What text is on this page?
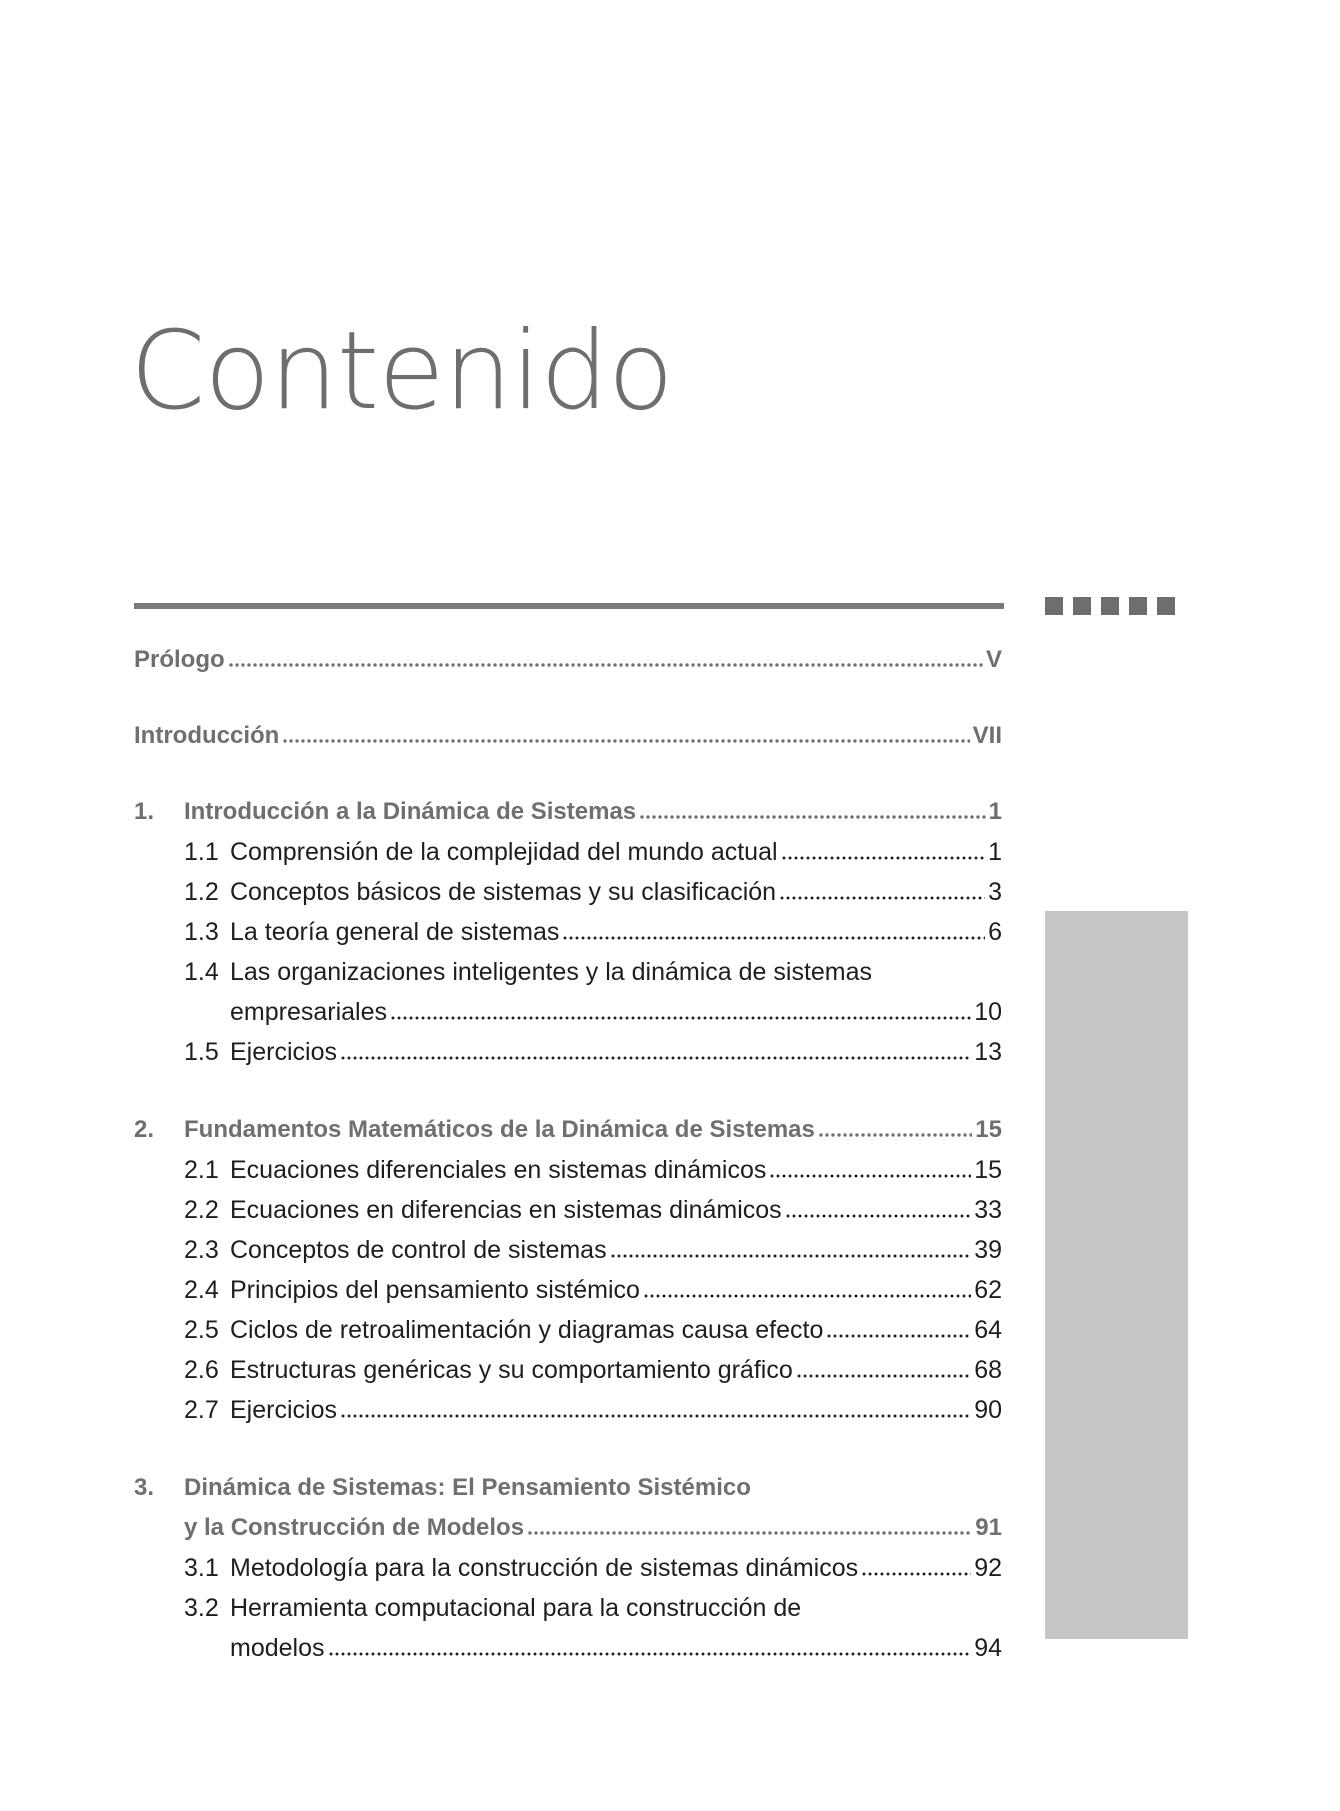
Contenido
Prólogo	V
Introducción	VII
1.	Introducción a la Dinámica de Sistemas	1
1.1 Comprensión de la complejidad del mundo actual	1
1.2 Conceptos básicos de sistemas y su clasificación	3
1.3 La teoría general de sistemas	6
1.4 Las organizaciones inteligentes y la dinámica de sistemas
empresariales	10
1.5 Ejercicios	13
2.	Fundamentos Matemáticos de la Dinámica de Sistemas	15
2.1 Ecuaciones diferenciales en sistemas dinámicos	15
2.2 Ecuaciones en diferencias en sistemas dinámicos	33
2.3 Conceptos de control de sistemas	39
2.4 Principios del pensamiento sistémico	62
2.5 Ciclos de retroalimentación y diagramas causa efecto	64
2.6 Estructuras genéricas y su comportamiento gráfico	68
2.7 Ejercicios	90
3.	Dinámica de Sistemas: El Pensamiento Sistémico
y la Construcción de Modelos	91
3.1 Metodología para la construcción de sistemas dinámicos	92
3.2 Herramienta computacional para la construcción de
modelos	94
